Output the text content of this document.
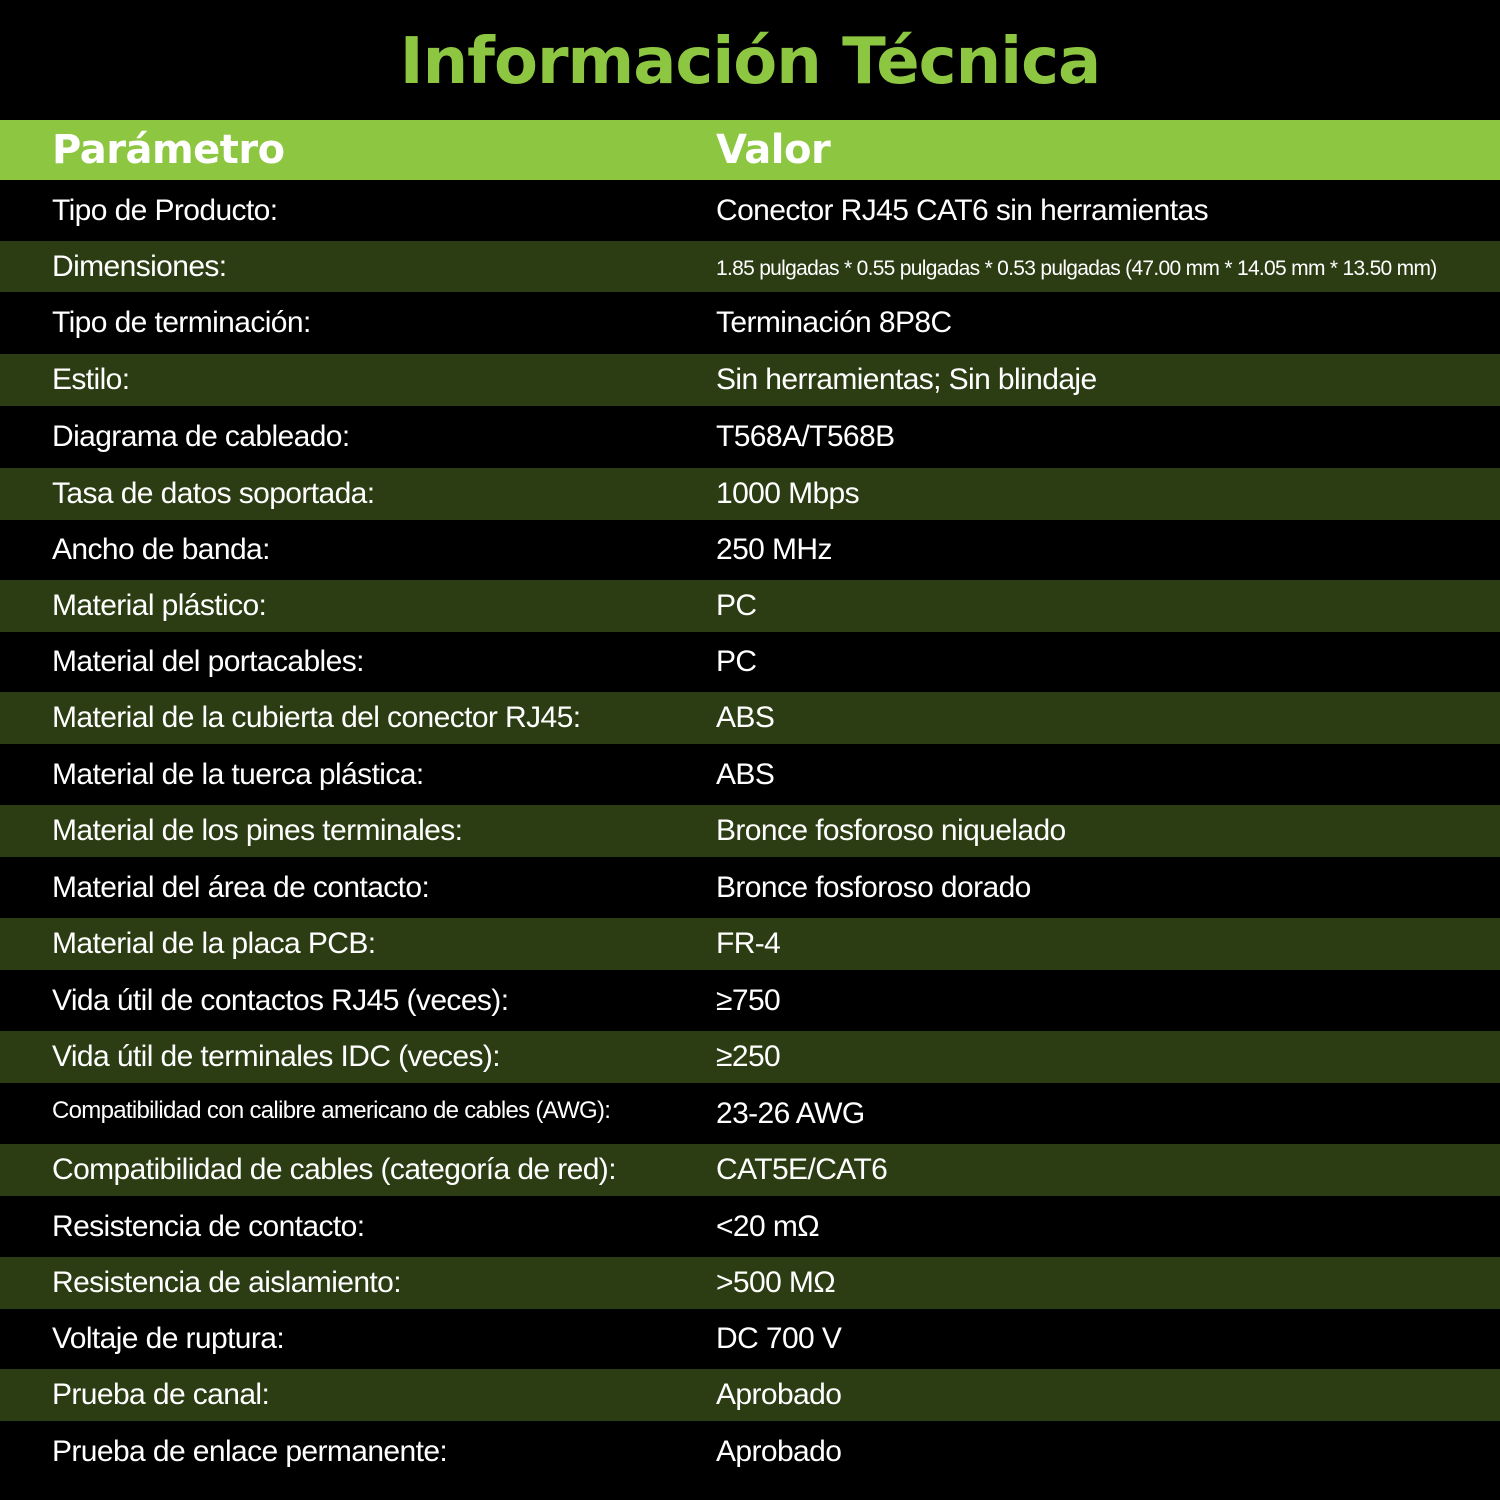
Información Técnica
Parámetro	Valor
Tipo de Producto:	Conector RJ45 CAT6 sin herramientas
Dimensiones:	1.85 pulgadas * 0.55 pulgadas * 0.53 pulgadas (47.00 mm * 14.05 mm * 13.50 mm)
Tipo de terminación:	Terminación 8P8C
Estilo:	Sin herramientas; Sin blindaje
Diagrama de cableado:	T568A/T568B
Tasa de datos soportada:	1000 Mbps
Ancho de banda:	250 MHz
Material plástico:	PC
Material del portacables:	PC
Material de la cubierta del conector RJ45:	ABS
Material de la tuerca plástica:	ABS
Material de los pines terminales:	Bronce fosforoso niquelado
Material del área de contacto:	Bronce fosforoso dorado
Material de la placa PCB:	FR-4
Vida útil de contactos RJ45 (veces):	≥750
Vida útil de terminales IDC (veces):	≥250
Compatibilidad con calibre americano de cables (AWG):	23-26 AWG
Compatibilidad de cables (categoría de red):	CAT5E/CAT6
Resistencia de contacto:	<20 mΩ
Resistencia de aislamiento:	>500 MΩ
Voltaje de ruptura:	DC 700 V
Prueba de canal:	Aprobado
Prueba de enlace permanente:	Aprobado
